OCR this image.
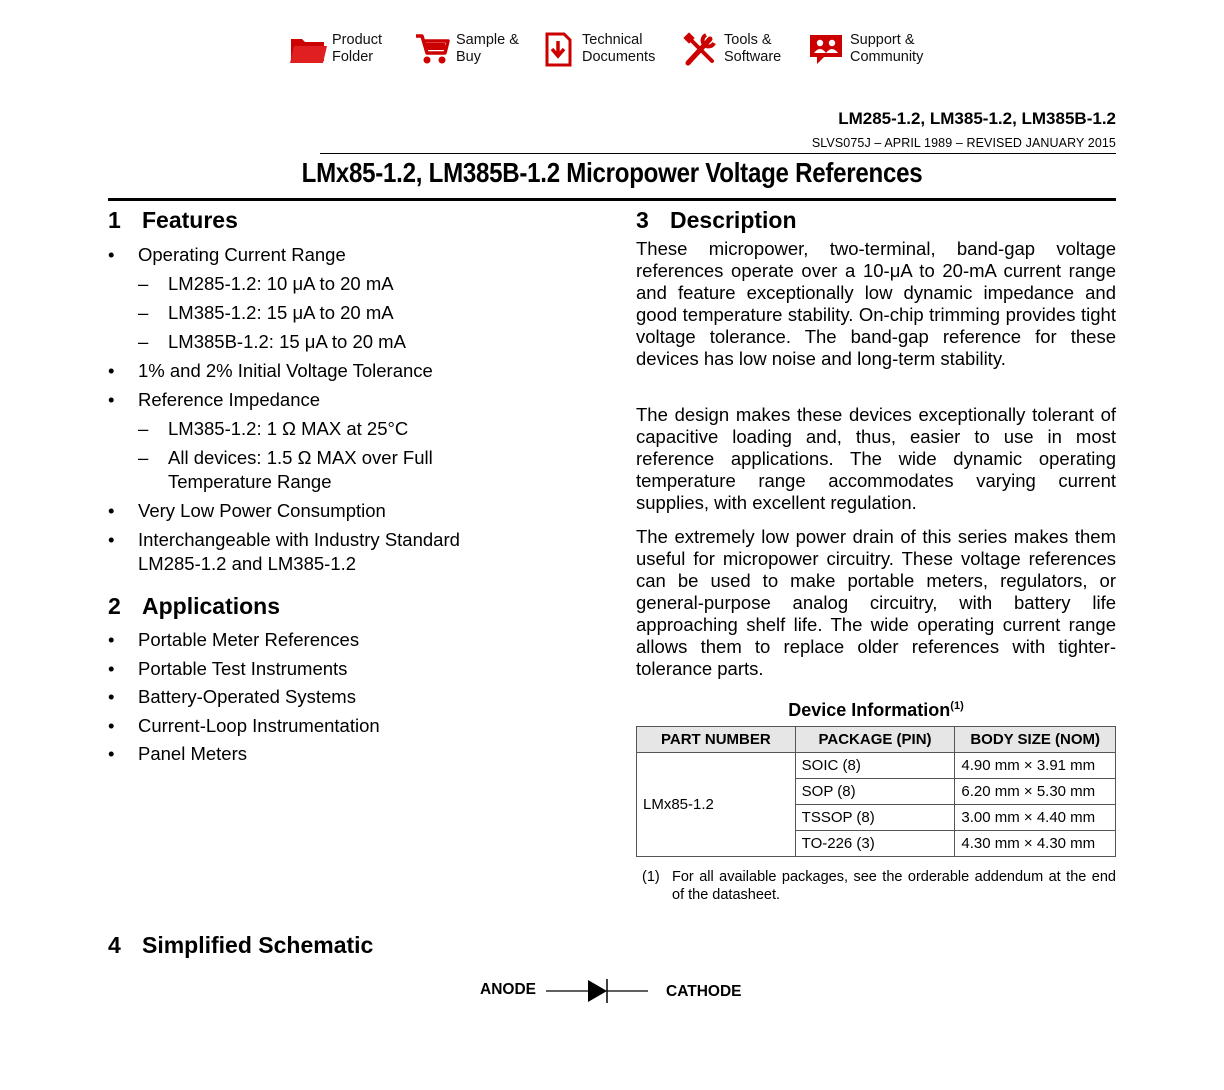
Product
Folder
Sample &
Buy
Technical
Documents
Tools &
Software
Support &
Community
LM285-1.2, LM385-1.2, LM385B-1.2
SLVS075J – APRIL 1989 – REVISED JANUARY 2015
LMx85-1.2, LM385B-1.2 Micropower Voltage References
1 Features
• Operating Current Range
– LM285-1.2: 10 μA to 20 mA
– LM385-1.2: 15 μA to 20 mA
– LM385B-1.2: 15 μA to 20 mA
• 1% and 2% Initial Voltage Tolerance
• Reference Impedance
– LM385-1.2: 1 Ω MAX at 25°C
– All devices: 1.5 Ω MAX over Full Temperature Range
• Very Low Power Consumption
• Interchangeable with Industry Standard LM285-1.2 and LM385-1.2
2 Applications
• Portable Meter References
• Portable Test Instruments
• Battery-Operated Systems
• Current-Loop Instrumentation
• Panel Meters
3 Description

These micropower, two-terminal, band-gap voltage references operate over a 10-μA to 20-mA current range and feature exceptionally low dynamic impedance and good temperature stability. On-chip trimming provides tight voltage tolerance. The band-gap reference for these devices has low noise and long-term stability.

The design makes these devices exceptionally tolerant of capacitive loading and, thus, easier to use in most reference applications. The wide dynamic operating temperature range accommodates varying current supplies, with excellent regulation.

The extremely low power drain of this series makes them useful for micropower circuitry. These voltage references can be used to make portable meters, regulators, or general-purpose analog circuitry, with battery life approaching shelf life. The wide operating current range allows them to replace older references with tighter-tolerance parts.

Device Information$^{(1)}$
PART NUMBER	PACKAGE (PIN)	BODY SIZE (NOM)
LMx85-1.2	SOIC (8)	4.90 mm × 3.91 mm
	SOP (8)	6.20 mm × 5.30 mm
	TSSOP (8)	3.00 mm × 4.40 mm
	TO-226 (3)	4.30 mm × 4.30 mm
(1) For all available packages, see the orderable addendum at the end of the datasheet.
4 Simplified Schematic
ANODE	CATHODE
